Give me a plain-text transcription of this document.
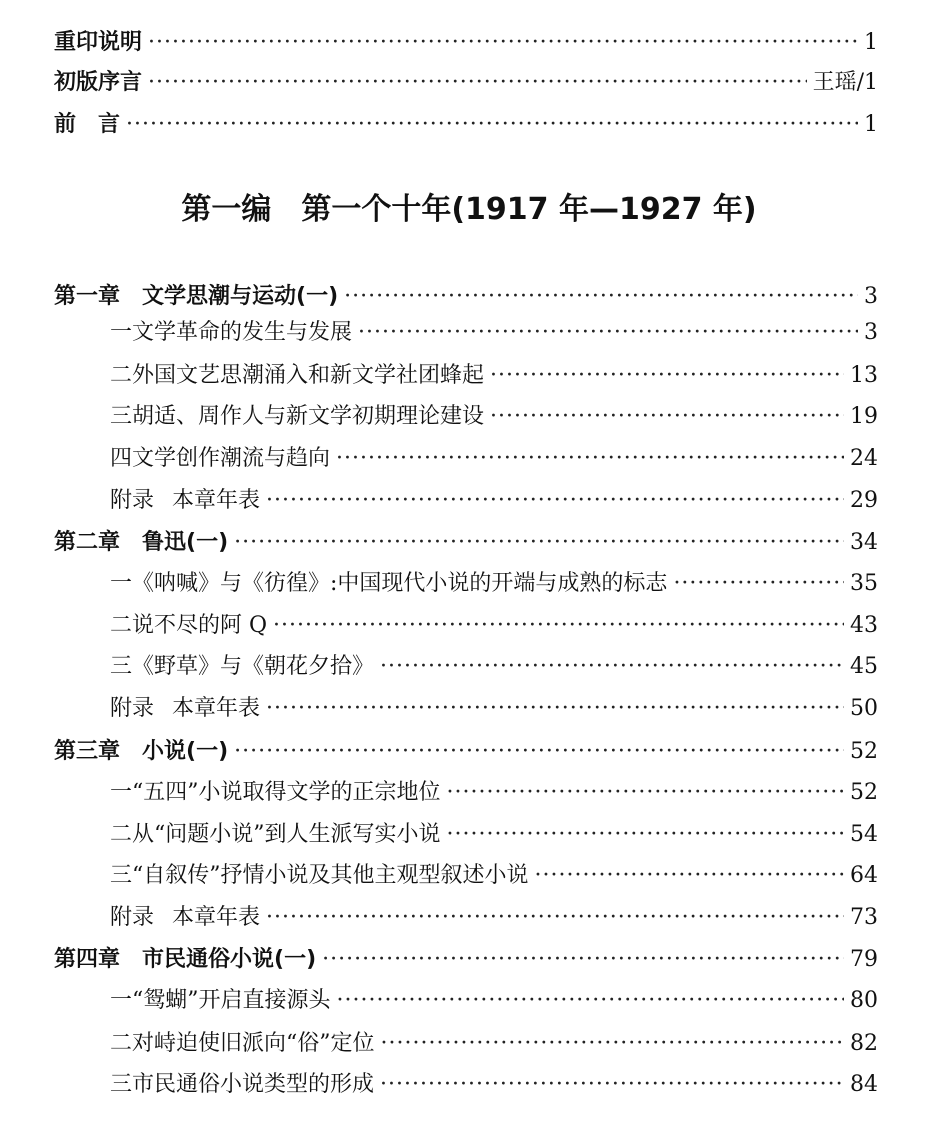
重印说明 ·····	1
初版序言 ·····	王瑶/1
前　言 ·····	1
第一编　第一个十年(1917 年—1927 年)
第一章 文学思潮与运动(一) ·····	3
一 文学革命的发生与发展 ·····	3
二 外国文艺思潮涌入和新文学社团蜂起 ·····	13
三 胡适、周作人与新文学初期理论建设 ·····	19
四 文学创作潮流与趋向 ·····	24
附录 本章年表 ·····	29
第二章 鲁迅(一) ·····	34
一 《呐喊》与《彷徨》:中国现代小说的开端与成熟的标志 ·····	35
二 说不尽的阿 Q ·····	43
三 《野草》与《朝花夕拾》 ·····	45
附录 本章年表 ·····	50
第三章 小说(一) ·····	52
一 “五四”小说取得文学的正宗地位 ·····	52
二 从“问题小说”到人生派写实小说 ·····	54
三 “自叙传”抒情小说及其他主观型叙述小说 ·····	64
附录 本章年表 ·····	73
第四章 市民通俗小说(一) ·····	79
一 “鸳蝴”开启直接源头 ·····	80
二 对峙迫使旧派向“俗”定位 ·····	82
三 市民通俗小说类型的形成 ·····	84
